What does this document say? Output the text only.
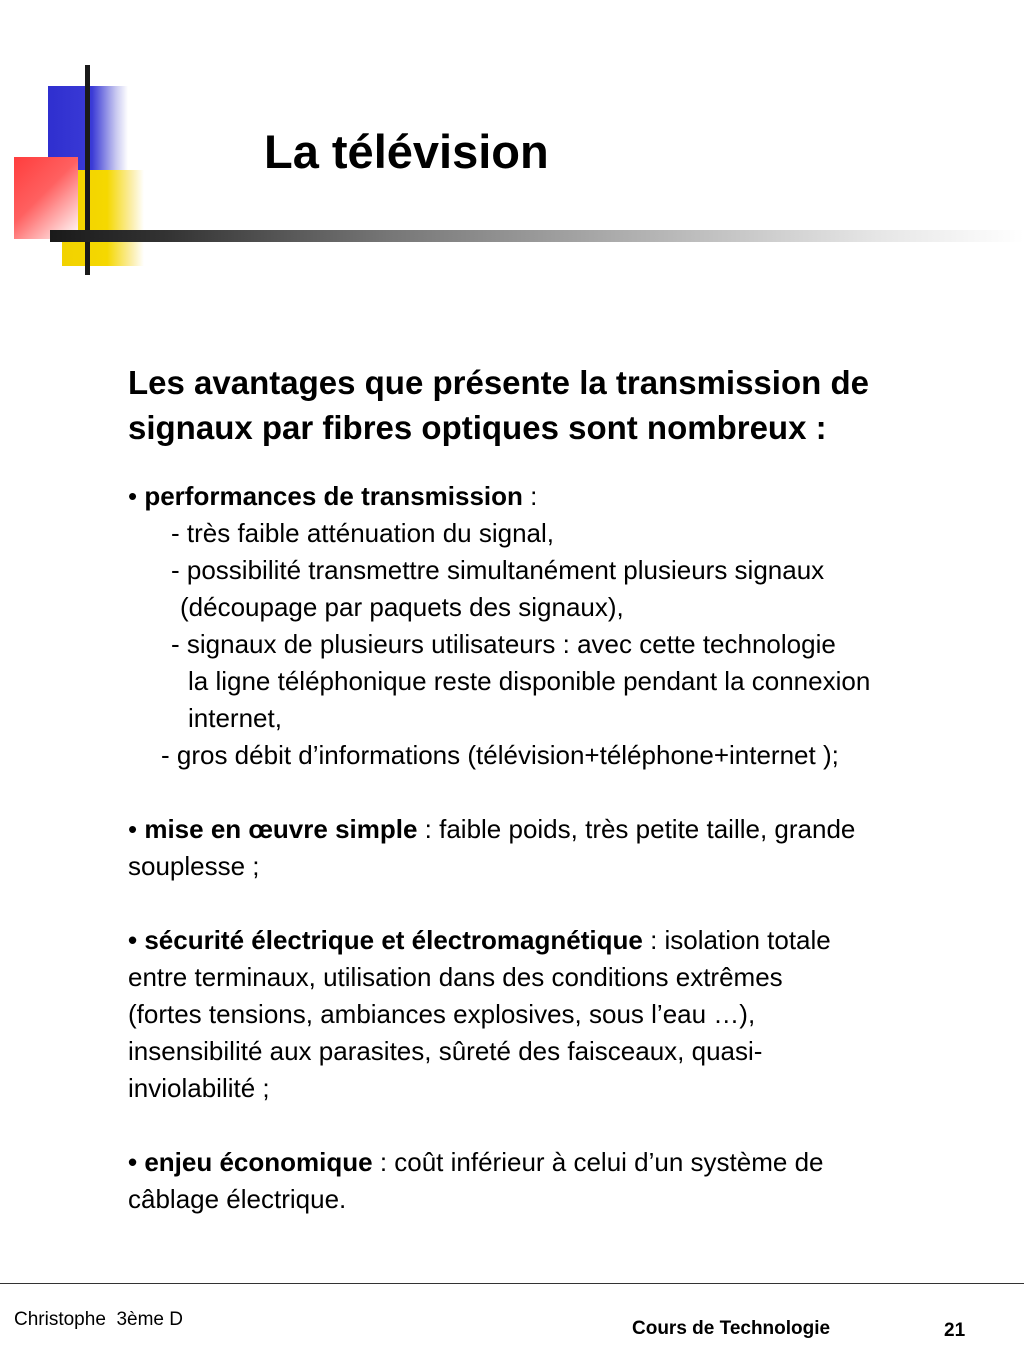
La télévision
Les avantages que présente la transmission de
signaux par fibres optiques sont nombreux :
• performances de transmission :
- très faible atténuation du signal,
- possibilité transmettre simultanément plusieurs signaux
(découpage par paquets des signaux),
- signaux de plusieurs utilisateurs : avec cette technologie
la ligne téléphonique reste disponible pendant la connexion
internet,
- gros débit d’informations (télévision+téléphone+internet );
• mise en œuvre simple : faible poids, très petite taille, grande
souplesse ;
• sécurité électrique et électromagnétique : isolation totale
entre terminaux, utilisation dans des conditions extrêmes
(fortes tensions, ambiances explosives, sous l’eau …),
insensibilité aux parasites, sûreté des faisceaux, quasi-
inviolabilité ;
• enjeu économique : coût inférieur à celui d’un système de
câblage électrique.
Christophe  3ème D	Cours de Technologie	21
